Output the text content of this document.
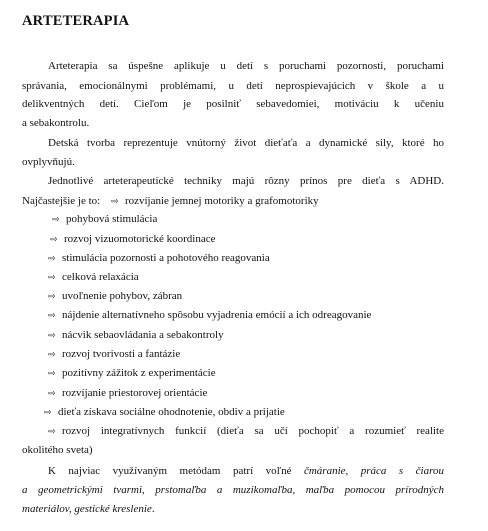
ARTETERAPIA

Arteterapia sa úspešne aplikuje u detí s poruchami pozornosti, poruchami

správania, emocionálnymi problémami, u detí neprospievajúcich v škole a u

delikventných detí. Cieľom je posilniť sebavedomiei, motiváciu k učeniu

a sebakontrolu.

Detská tvorba reprezentuje vnútorný život dieťaťa a dynamické sily, ktoré ho

ovplyvňujú.

Jednotlivé arteterapeutické techniky majú rôzny prínos pre dieťa s ADHD.

Najčastejšie je to: ⇨ rozvíjanie jemnej motoriky a grafomotoriky

⇨ pohybová stimulácia
⇨ rozvoj vizuomotorické koordinace
⇨ stimulácia pozornosti a pohotového reagovania
⇨ celková relaxácia
⇨ uvoľnenie pohybov, zábran
⇨ nájdenie alternatívneho spôsobu vyjadrenia emócií a ich odreagovanie
⇨ nácvik sebaovládania a sebakontroly
⇨ rozvoj tvorivosti a fantázie
⇨ pozitívny zážitok z experimentácie
⇨ rozvíjanie priestorovej orientácie
⇨ dieťa získava sociálne ohodnotenie, obdiv a prijatie
⇨ rozvoj integratívnych funkcií (dieťa sa učí pochopiť a rozumieť realite

okolitého sveta)

K najviac využívaným metódam patrí voľné čmáranie, práca s čiarou

a geometrickými tvarmi, prstomaľba a muzikomaľba, maľba pomocou prírodných

materiálov, gestické kreslenie.
